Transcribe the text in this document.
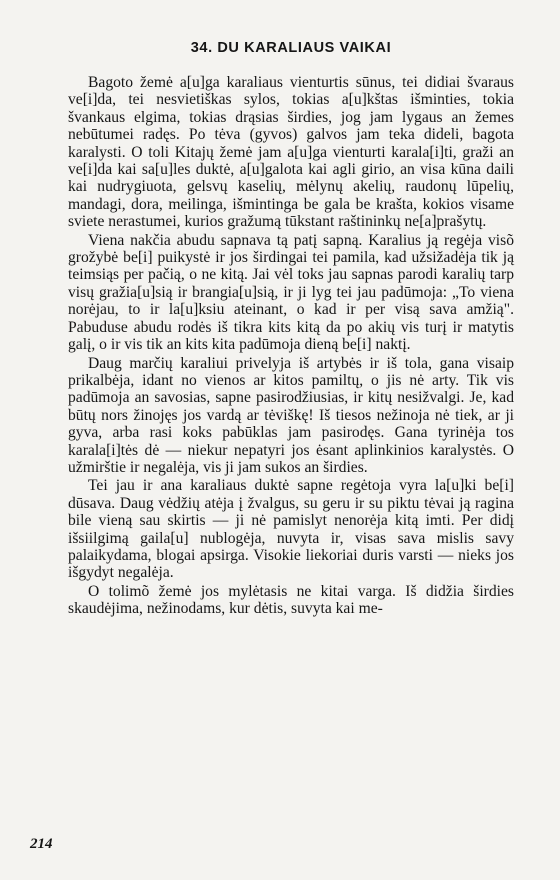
34. DU KARALIAUS VAIKAI

Bagoto žemė a[u]ga karaliaus vienturtis sūnus, tei didiai švaraus ve[i]da, tei nesvietiškas sylos, tokias a[u]kštas išmintіes, tokia švankaus elgima, tokias drąsias širdies, jog jam lygaus an žemes nebūtumei radęs. Po tėva (gyvos) galvos jam teka dideli, bagota karalysti. O toli Kitajų žemė jam a[u]ga vienturti karala[i]ti, graži an ve[i]da kai sa[u]les duktė, a[u]galota kai agli girio, an visa kūna daili kai nudrygiuota, gelsvų kaselių, mėlynų akelių, raudonų lūpelių, mandagi, dora, meilinga, išmintinga be gala be krašta, kokios visame sviete nerastumei, kurios gražumą tūkstant raštininkų ne[a]prašytų.

Viena nakčia abudu sapnava tą patį sapną. Karalius ją regėja visõ grožybė be[i] puikystė ir jos širdingai tei pamila, kad užsižadėja tik ją teimsiąs per pačią, o ne kitą. Jai vėl toks jau sapnas parodi karalių tarp visų gražia[u]sią ir brangia[u]sią, ir ji lyg tei jau padūmoja: „To viena norėjau, to ir la[u]ksiu ateinant, o kad ir per visą sava amžią". Pabuduse abudu rodės iš tikra kits kitą da po akių vis turį ir matytis galį, o ir vis tik an kits kita padūmoja dieną be[i] naktį.

Daug marčių karaliui privelyja iš artybės ir iš tola, gana visaip prikalbėja, idant no vienos ar kitos pamiltų, o jis nė arty. Tik vis padūmoja an savosias, sapne pasirodžiusias, ir kitų nesižvalgi. Je, kad būtų nors žinojęs jos vardą ar tėviškę! Iš tiesos nežinoja nė tiek, ar ji gyva, arba rasi koks pabūklas jam pasirodęs. Gana tyrinėja tos karala[i]tės dė — niekur nepatyri jos ėsant aplinkinios karalystės. O užmirštie ir negalėja, vis ji jam sukos an širdies.

Tei jau ir ana karaliaus duktė sapne regėtoja vyra la[u]ki be[i] dūsava. Daug vėdžių atėja į žvalgus, su geru ir su piktu tėvai ją ragina bile vieną sau skirtis — ji nė pamislyt nenorėja kitą imti. Per didį išsiilgimą gaila[u] nublogėja, nuvyta ir, visas sava mislis savy palaikydama, blogai apsirga. Visokie liekoriai duris varsti — nieks jos išgydyt negalėja.

O tolimõ žemė jos mylėtasis ne kitai varga. Iš didžia širdies skaudėjima, nežinodams, kur dėtis, suvyta kai me-

214
